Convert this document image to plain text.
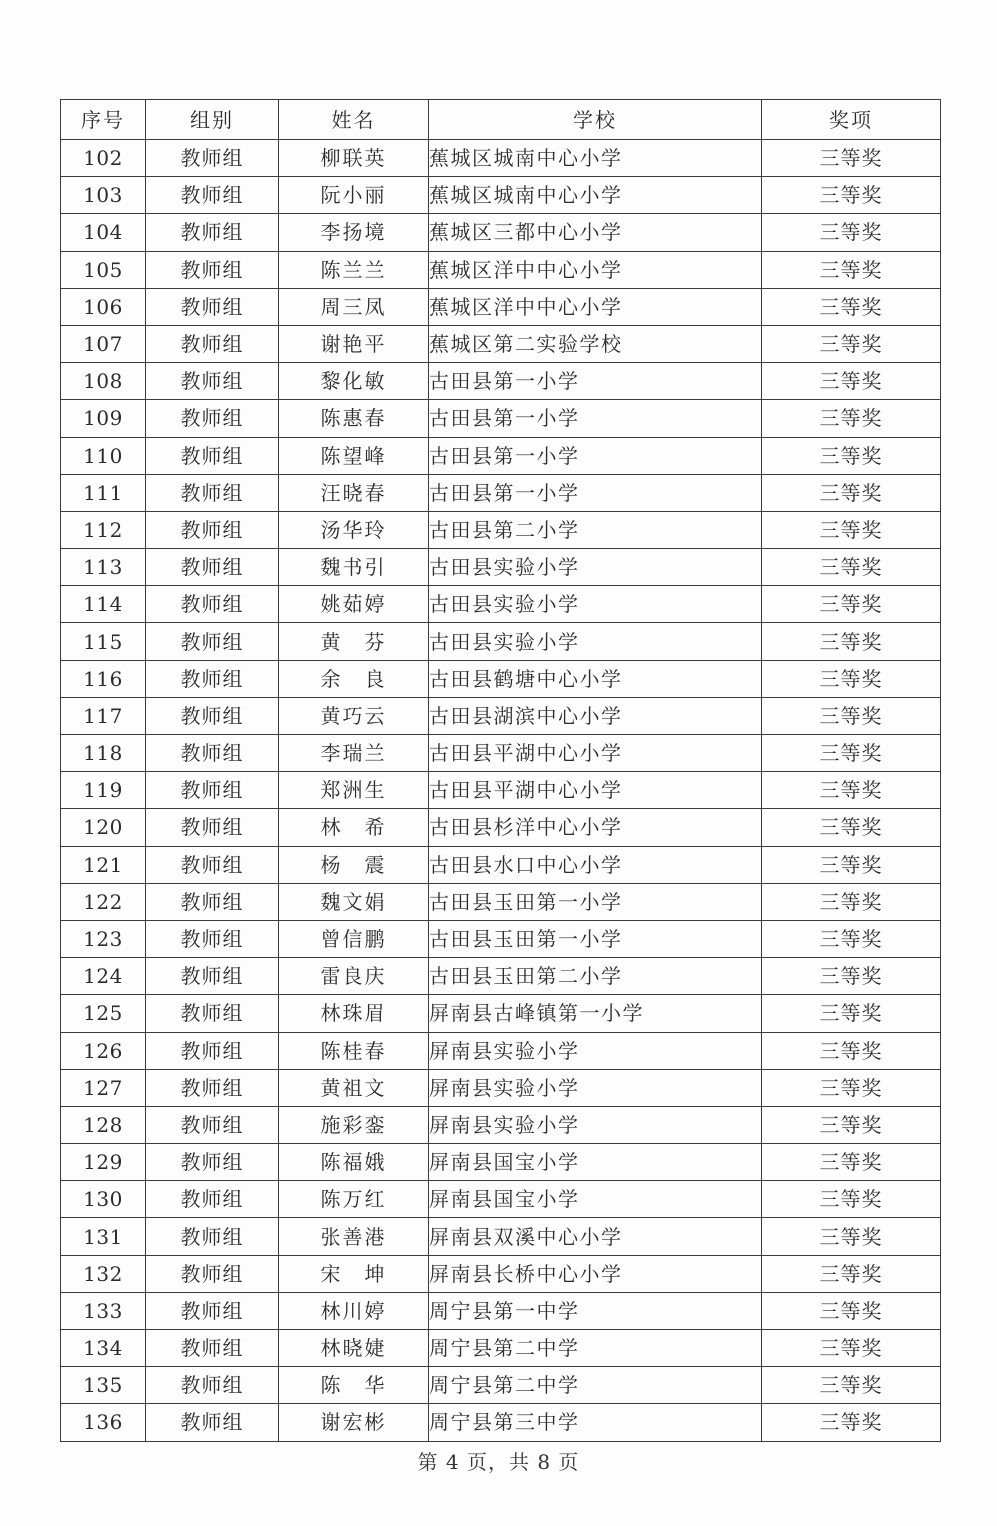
序号	组别	姓名	学校	奖项
102	教师组	柳联英	蕉城区城南中心小学	三等奖
103	教师组	阮小丽	蕉城区城南中心小学	三等奖
104	教师组	李扬境	蕉城区三都中心小学	三等奖
105	教师组	陈兰兰	蕉城区洋中中心小学	三等奖
106	教师组	周三凤	蕉城区洋中中心小学	三等奖
107	教师组	谢艳平	蕉城区第二实验学校	三等奖
108	教师组	黎化敏	古田县第一小学	三等奖
109	教师组	陈惠春	古田县第一小学	三等奖
110	教师组	陈望峰	古田县第一小学	三等奖
111	教师组	汪晓春	古田县第一小学	三等奖
112	教师组	汤华玲	古田县第二小学	三等奖
113	教师组	魏书引	古田县实验小学	三等奖
114	教师组	姚茹婷	古田县实验小学	三等奖
115	教师组	黄　芬	古田县实验小学	三等奖
116	教师组	余　良	古田县鹤塘中心小学	三等奖
117	教师组	黄巧云	古田县湖滨中心小学	三等奖
118	教师组	李瑞兰	古田县平湖中心小学	三等奖
119	教师组	郑洲生	古田县平湖中心小学	三等奖
120	教师组	林　希	古田县杉洋中心小学	三等奖
121	教师组	杨　震	古田县水口中心小学	三等奖
122	教师组	魏文娟	古田县玉田第一小学	三等奖
123	教师组	曾信鹏	古田县玉田第一小学	三等奖
124	教师组	雷良庆	古田县玉田第二小学	三等奖
125	教师组	林珠眉	屏南县古峰镇第一小学	三等奖
126	教师组	陈桂春	屏南县实验小学	三等奖
127	教师组	黄祖文	屏南县实验小学	三等奖
128	教师组	施彩銮	屏南县实验小学	三等奖
129	教师组	陈福娥	屏南县国宝小学	三等奖
130	教师组	陈万红	屏南县国宝小学	三等奖
131	教师组	张善港	屏南县双溪中心小学	三等奖
132	教师组	宋　坤	屏南县长桥中心小学	三等奖
133	教师组	林川婷	周宁县第一中学	三等奖
134	教师组	林晓婕	周宁县第二中学	三等奖
135	教师组	陈　华	周宁县第二中学	三等奖
136	教师组	谢宏彬	周宁县第三中学	三等奖
第 4 页，共 8 页
